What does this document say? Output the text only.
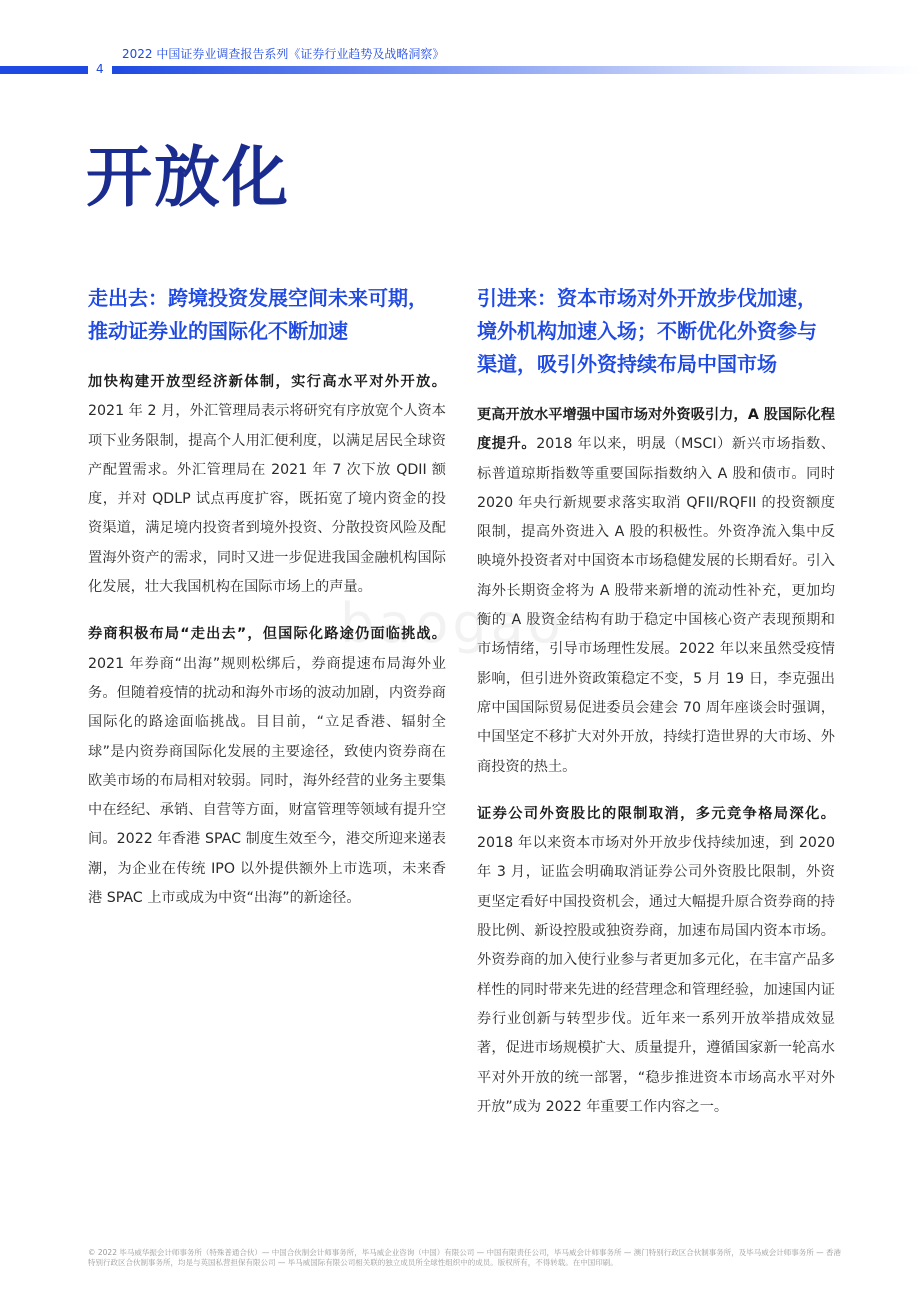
2022 中国证券业调查报告系列《证券行业趋势及战略洞察》
4
开放化
baogao
走出去：跨境投资发展空间未来可期，推动证券业的国际化不断加速

加快构建开放型经济新体制，实行高水平对外开放。2021 年 2 月，外汇管理局表示将研究有序放宽个人资本项下业务限制，提高个人用汇便利度，以满足居民全球资产配置需求。外汇管理局在 2021 年 7 次下放 QDII 额度，并对 QDLP 试点再度扩容，既拓宽了境内资金的投资渠道，满足境内投资者到境外投资、分散投资风险及配置海外资产的需求，同时又进一步促进我国金融机构国际化发展，壮大我国机构在国际市场上的声量。

券商积极布局“走出去”，但国际化路途仍面临挑战。2021 年券商“出海”规则松绑后，券商提速布局海外业务。但随着疫情的扰动和海外市场的波动加剧，内资券商国际化的路途面临挑战。目目前，“立足香港、辐射全球”是内资券商国际化发展的主要途径，致使内资券商在欧美市场的布局相对较弱。同时，海外经营的业务主要集中在经纪、承销、自营等方面，财富管理等领域有提升空间。2022 年香港 SPAC 制度生效至今，港交所迎来递表潮，为企业在传统 IPO 以外提供额外上市选项，未来香港 SPAC 上市或成为中资“出海”的新途径。

引进来：资本市场对外开放步伐加速，境外机构加速入场；不断优化外资参与渠道，吸引外资持续布局中国市场

更高开放水平增强中国市场对外资吸引力，A 股国际化程度提升。2018 年以来，明晟（MSCI）新兴市场指数、标普道琼斯指数等重要国际指数纳入 A 股和债市。同时 2020 年央行新规要求落实取消 QFII/RQFII 的投资额度限制，提高外资进入 A 股的积极性。外资净流入集中反映境外投资者对中国资本市场稳健发展的长期看好。引入海外长期资金将为 A 股带来新增的流动性补充，更加均衡的 A 股资金结构有助于稳定中国核心资产表现预期和市场情绪，引导市场理性发展。2022 年以来虽然受疫情影响，但引进外资政策稳定不变，5 月 19 日，李克强出席中国国际贸易促进委员会建会 70 周年座谈会时强调，中国坚定不移扩大对外开放，持续打造世界的大市场、外商投资的热土。

证券公司外资股比的限制取消，多元竞争格局深化。2018 年以来资本市场对外开放步伐持续加速，到 2020 年 3 月，证监会明确取消证券公司外资股比限制，外资更坚定看好中国投资机会，通过大幅提升原合资券商的持股比例、新设控股或独资券商，加速布局国内资本市场。外资券商的加入使行业参与者更加多元化，在丰富产品多样性的同时带来先进的经营理念和管理经验，加速国内证券行业创新与转型步伐。近年来一系列开放举措成效显著，促进市场规模扩大、质量提升，遵循国家新一轮高水平对外开放的统一部署，“稳步推进资本市场高水平对外开放”成为 2022 年重要工作内容之一。

© 2022 毕马威华振会计师事务所（特殊普通合伙）— 中国合伙制会计师事务所，毕马威企业咨询（中国）有限公司 — 中国有限责任公司，毕马威会计师事务所 — 澳门特别行政区合伙制事务所，及毕马威会计师事务所 — 香港特别行政区合伙制事务所，均是与英国私营担保有限公司 — 毕马威国际有限公司相关联的独立成员所全球性组织中的成员。版权所有，不得转载。在中国印刷。
